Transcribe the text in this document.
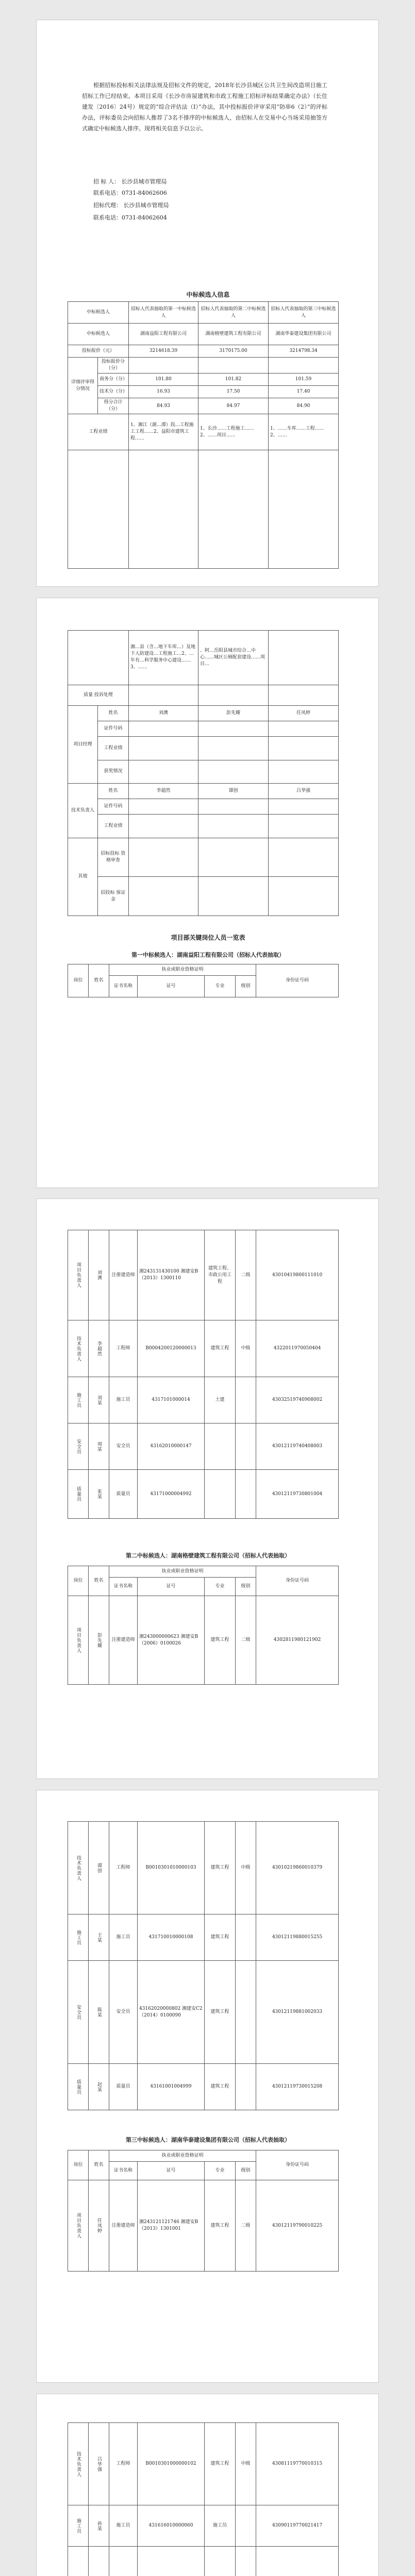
根据招标投标相关法律法规及招标文件的规定，2018年长沙县城区公共卫生间改造项目施工招标工作已经结束。本项目采用《长沙市房屋建筑和市政工程施工招标评标结果确定办法》（长住建发〔2016〕24号）规定的“综合评估法（Ⅰ）”办法，其中投标报价评审采用“防串6（2）”的评标办法，评标委员会向招标人推荐了3名不排序的中标候选人，由招标人在交易中心当场采用抽签方式确定中标候选人排序。现将相关信息予以公示。
招 标 人： 长沙县城市管理局
联系电话：0731-84062606
招标代理： 长沙县城市管理局
联系电话：0731-84062604
中标候选人信息
中标候选人		招标人代表抽取的第一中标候选人	招标人代表抽取的第二中标候选人	招标人代表抽取的第三中标候选人
中标候选人		湖南益阳工程有限公司	湖南格壁建筑工程有限公司	湖南华泰建设集团有限公司
投标报价（元）		3214618.39	3170175.00	3214798.34
详细评审得分情况	投标报价分（分）			
	商务分（分）	101.80	101.82	101.59
	技术分（分）	16.93	17.50	17.40
	得分合计（分）	84.93	84.97	84.90
工程业绩		1、湘江（湖…潭）段…工程施工工程……2、益阳市建筑工程……	1、长沙……工程施工……2、……项目……	1、……车库……工程……2、……

		湘…县（含…地下车库…）及地下人防建设…工程施工…2、…年有…科学服务中心建设……3、……	、阿…岳阳县城市综合…中心……城区公厕配套建设……项目…	
质量 投诉处理				
项目经理	姓名	刘澳	彭先耀	任凤婷
	证件号码			
	工程业绩			
	获奖情况			
技术负责人	姓名	李超然	谭创	吕华强
	证件号码			
	工程业绩			
其他	招标投标 资格审查			
	招投标 保证金			
项目部关键岗位人员一览表
第一中标候选人：湖南益阳工程有限公司（招标人代表抽取）
岗位	姓名	执业或职业资格证明				身份证号码
		证书名称	证号	专业	级别	
项目负责人	刘澳	注册建造师	湘243131430100 湘建安B（2013）1300110	建筑工程、市政公用工程	二级	43010419800111010

技术负责人	李超然	工程师	B0004200120000013	建筑工程	中级	4322011970050404

施工员	刘某	施工员	4317101000014	土建		43032519740908002

安全员	周某	安全员	43162010000147			43012119740408003

质量员	张某	质量员	43171000004992			43012119730801004
第二中标候选人：湖南格壁建筑工程有限公司（招标人代表抽取）
岗位	姓名	执业或职业资格证明				身份证号码
		证书名称	证号	专业	级别	

项目负责人	彭先耀	注册建造师	湘243000000623 湘建安B（2006）0100026	建筑工程	二级	4302811980121902
技术负责人	谭创	工程师	B0010301010000103	建筑工程	中级	43010219860010379

施工员	王某	施工员	431710010000108	建筑工程		43012119880015255

安全员	陈某	安全员	43162020000802 湘建安C2（2014）0100090	建筑工程		43012119881002033

质量员	赵某	质量员	43161001004999	建筑工程		43012119730015208
第三中标候选人：湖南华泰建设集团有限公司（招标人代表抽取）
岗位	姓名	执业或职业资格证明				身份证号码
		证书名称	证号	专业	级别	

项目负责人	任凤婷	注册建造师	湘243121121746 湘建安B（2013）1301001	建筑工程	二级	43012119790010225
技术负责人	吕华强	工程师	B0010301000000102	建筑工程	中级	43081119770010315

施工员	孙某	施工员	431616010000060	施工员		43090119770021417
